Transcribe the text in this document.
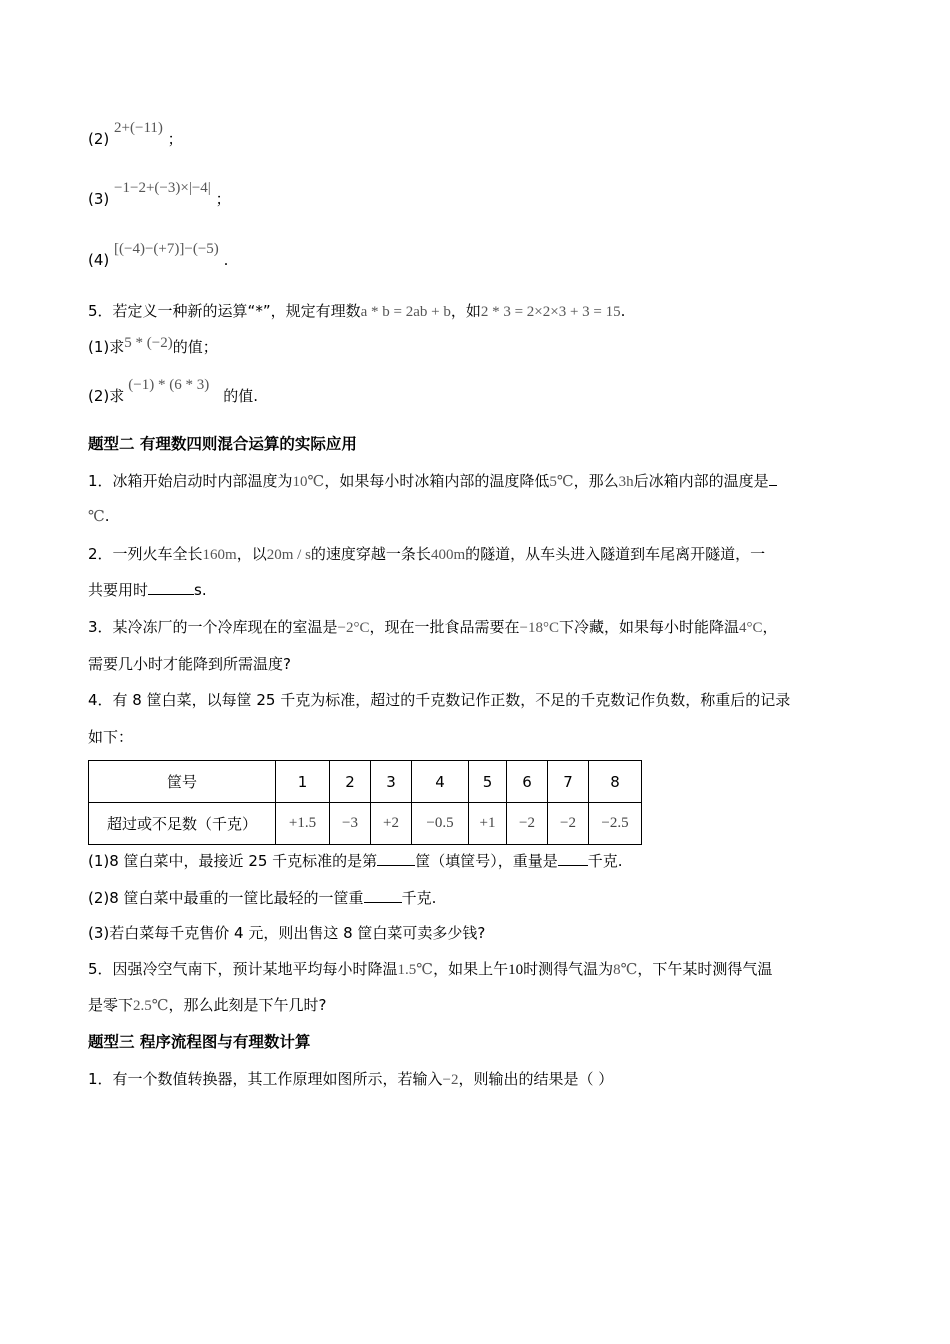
(2) 2+(−11) ；
(3) −1−2+(−3)×|−4| ；
(4) [(−4)−(+7)]−(−5) .
5．若定义一种新的运算“*”，规定有理数a * b = 2ab + b，如2 * 3 = 2×2×3 + 3 = 15.
(1)求5 * (−2)的值；
(2)求(−1) * (6 * 3)的值.
题型二 有理数四则混合运算的实际应用
1．冰箱开始启动时内部温度为10℃，如果每小时冰箱内部的温度降低5℃，那么3h后冰箱内部的温度是
℃.
2．一列火车全长160m，以20m / s的速度穿越一条长400m的隧道，从车头进入隧道到车尾离开隧道，一
共要用时	s.
3．某冷冻厂的一个冷库现在的室温是−2°C，现在一批食品需要在−18°C下冷藏，如果每小时能降温4°C，
需要几小时才能降到所需温度?
4．有 8 筐白菜，以每筐 25 千克为标准，超过的千克数记作正数，不足的千克数记作负数，称重后的记录
如下：
筐号	1	2	3	4	5	6	7	8
超过或不足数（千克）	+1.5	−3	+2	−0.5	+1	−2	−2	−2.5
(1)8 筐白菜中，最接近 25 千克标准的是第	筐（填筐号），重量是 千克.
(2)8 筐白菜中最重的一筐比最轻的一筐重	千克.
(3)若白菜每千克售价 4 元，则出售这 8 筐白菜可卖多少钱?
5．因强冷空气南下，预计某地平均每小时降温1.5℃，如果上午10时测得气温为8℃，下午某时测得气温
是零下2.5℃，那么此刻是下午几时?
题型三 程序流程图与有理数计算
1．有一个数值转换器，其工作原理如图所示，若输入−2，则输出的结果是（ ）
